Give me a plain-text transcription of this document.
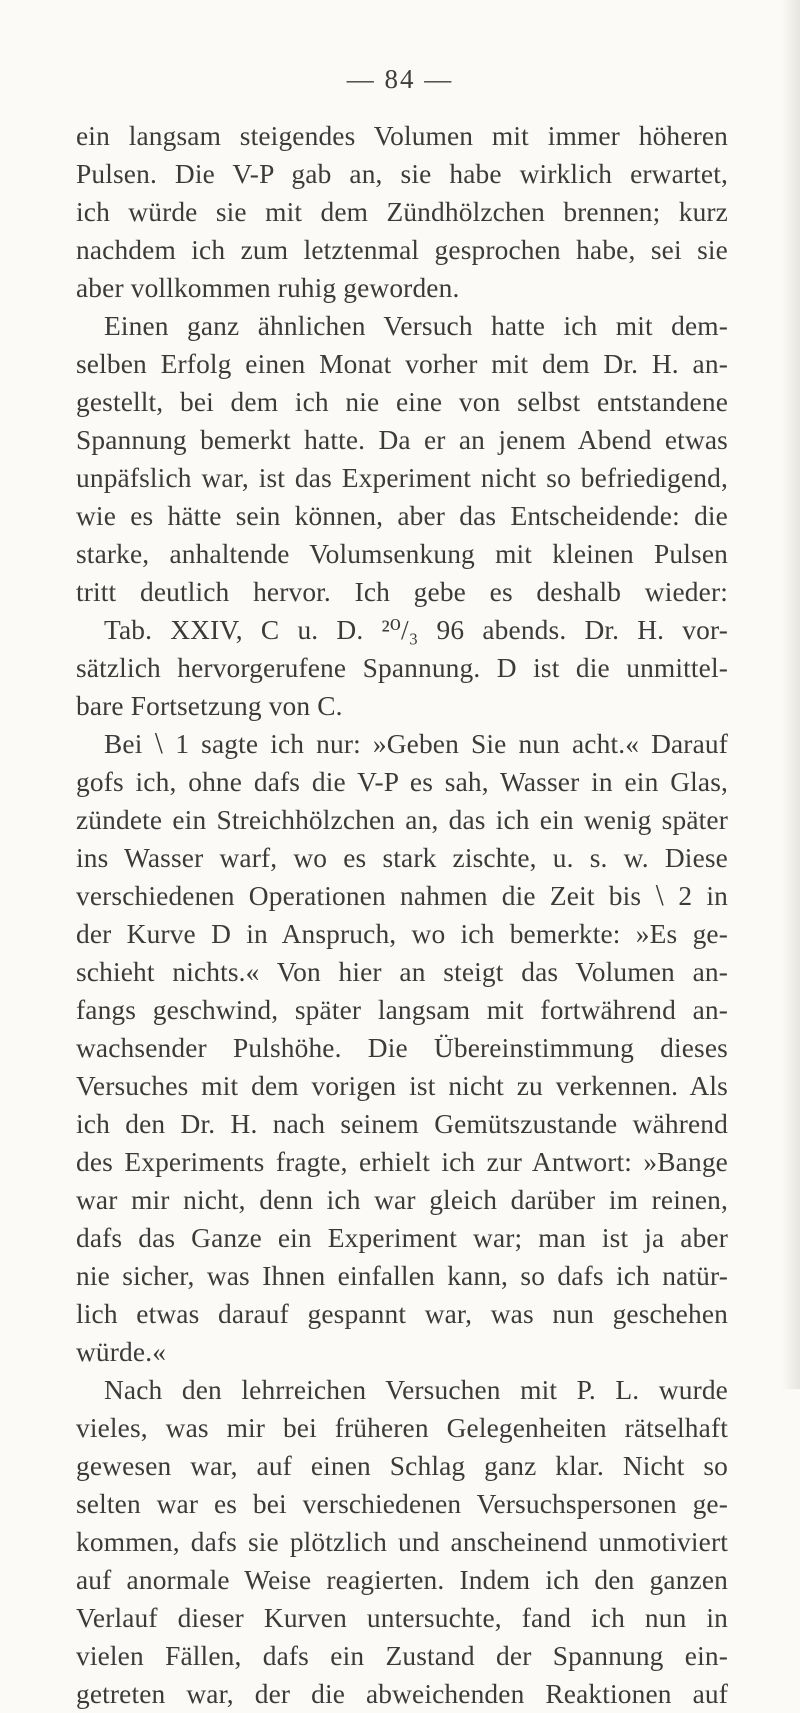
— 84 —
ein langsam steigendes Volumen mit immer höheren
Pulsen. Die V-P gab an, sie habe wirklich erwartet,
ich würde sie mit dem Zündhölzchen brennen; kurz
nachdem ich zum letztenmal gesprochen habe, sei sie
aber vollkommen ruhig geworden.
Einen ganz ähnlichen Versuch hatte ich mit dem-
selben Erfolg einen Monat vorher mit dem Dr. H. an-
gestellt, bei dem ich nie eine von selbst entstandene
Spannung bemerkt hatte. Da er an jenem Abend etwas
unpäfslich war, ist das Experiment nicht so befriedigend,
wie es hätte sein können, aber das Entscheidende: die
starke, anhaltende Volumsenkung mit kleinen Pulsen
tritt deutlich hervor. Ich gebe es deshalb wieder:
Tab. XXIV, C u. D. ²⁰/₃ 96 abends. Dr. H. vor-
sätzlich hervorgerufene Spannung. D ist die unmittel-
bare Fortsetzung von C.
Bei ⧵ 1 sagte ich nur: »Geben Sie nun acht.« Darauf
gofs ich, ohne dafs die V-P es sah, Wasser in ein Glas,
zündete ein Streichhölzchen an, das ich ein wenig später
ins Wasser warf, wo es stark zischte, u. s. w. Diese
verschiedenen Operationen nahmen die Zeit bis ⧵ 2 in
der Kurve D in Anspruch, wo ich bemerkte: »Es ge-
schieht nichts.« Von hier an steigt das Volumen an-
fangs geschwind, später langsam mit fortwährend an-
wachsender Pulshöhe. Die Übereinstimmung dieses
Versuches mit dem vorigen ist nicht zu verkennen. Als
ich den Dr. H. nach seinem Gemütszustande während
des Experiments fragte, erhielt ich zur Antwort: »Bange
war mir nicht, denn ich war gleich darüber im reinen,
dafs das Ganze ein Experiment war; man ist ja aber
nie sicher, was Ihnen einfallen kann, so dafs ich natür-
lich etwas darauf gespannt war, was nun geschehen
würde.«
Nach den lehrreichen Versuchen mit P. L. wurde
vieles, was mir bei früheren Gelegenheiten rätselhaft
gewesen war, auf einen Schlag ganz klar. Nicht so
selten war es bei verschiedenen Versuchspersonen ge-
kommen, dafs sie plötzlich und anscheinend unmotiviert
auf anormale Weise reagierten. Indem ich den ganzen
Verlauf dieser Kurven untersuchte, fand ich nun in
vielen Fällen, dafs ein Zustand der Spannung ein-
getreten war, der die abweichenden Reaktionen auf
